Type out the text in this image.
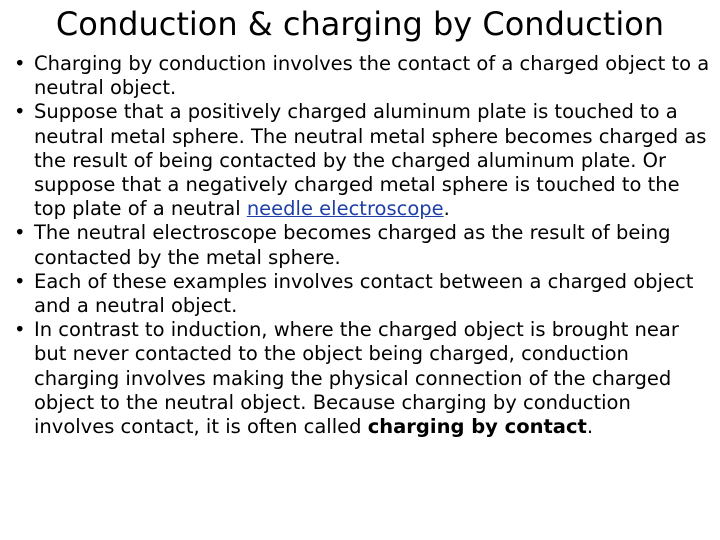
Conduction & charging by Conduction
• Charging by conduction involves the contact of a charged object to a neutral object.
• Suppose that a positively charged aluminum plate is touched to a neutral metal sphere. The neutral metal sphere becomes charged as the result of being contacted by the charged aluminum plate. Or suppose that a negatively charged metal sphere is touched to the top plate of a neutral needle electroscope.
• The neutral electroscope becomes charged as the result of being contacted by the metal sphere.
• Each of these examples involves contact between a charged object and a neutral object.
• In contrast to induction, where the charged object is brought near but never contacted to the object being charged, conduction charging involves making the physical connection of the charged object to the neutral object. Because charging by conduction involves contact, it is often called charging by contact.
